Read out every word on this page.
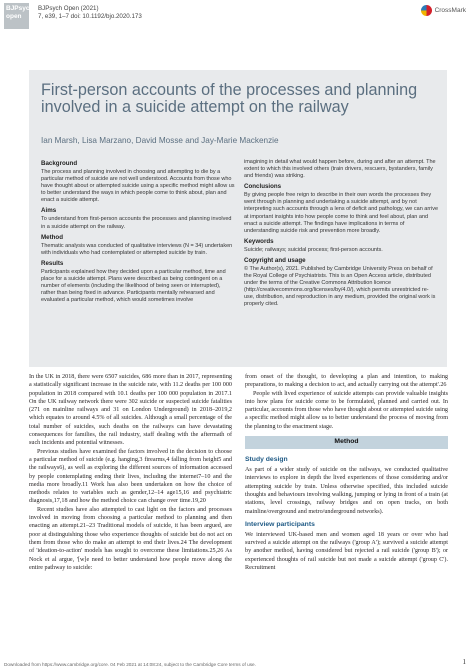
BJPsych
open
BJPsych Open (2021)
7, e39, 1–7 doi: 10.1192/bjo.2020.173
CrossMark
First-person accounts of the processes and planning involved in a suicide attempt on the railway
Ian Marsh, Lisa Marzano, David Mosse and Jay-Marie Mackenzie
Background

The process and planning involved in choosing and attempting to die by a particular method of suicide are not well understood. Accounts from those who have thought about or attempted suicide using a specific method might allow us to better understand the ways in which people come to think about, plan and enact a suicide attempt.

Aims

To understand from first-person accounts the processes and planning involved in a suicide attempt on the railway.

Method

Thematic analysis was conducted of qualitative interviews (N = 34) undertaken with individuals who had contemplated or attempted suicide by train.

Results

Participants explained how they decided upon a particular method, time and place for a suicide attempt. Plans were described as being contingent on a number of elements (including the likelihood of being seen or interrupted), rather than being fixed in advance. Participants mentally rehearsed and evaluated a particular method, which would sometimes involve

imagining in detail what would happen before, during and after an attempt. The extent to which this involved others (train drivers, rescuers, bystanders, family and friends) was striking.

Conclusions

By giving people free reign to describe in their own words the processes they went through in planning and undertaking a suicide attempt, and by not interpreting such accounts through a lens of deficit and pathology, we can arrive at important insights into how people come to think and feel about, plan and enact a suicide attempt. The findings have implications in terms of understanding suicide risk and prevention more broadly.

Keywords

Suicide; railways; suicidal process; first-person accounts.

Copyright and usage

© The Author(s), 2021. Published by Cambridge University Press on behalf of the Royal College of Psychiatrists. This is an Open Access article, distributed under the terms of the Creative Commons Attribution licence (http://creativecommons.org/licenses/by/4.0/), which permits unrestricted re-use, distribution, and reproduction in any medium, provided the original work is properly cited.

In the UK in 2018, there were 6507 suicides, 686 more than in 2017, representing a statistically significant increase in the suicide rate, with 11.2 deaths per 100 000 population in 2018 compared with 10.1 deaths per 100 000 population in 2017.1 On the UK railway network there were 302 suicide or suspected suicide fatalities (271 on mainline railways and 31 on London Underground) in 2018–2019,2 which equates to around 4.5% of all suicides. Although a small percentage of the total number of suicides, such deaths on the railways can have devastating consequences for families, the rail industry, staff dealing with the aftermath of such incidents and potential witnesses.

Previous studies have examined the factors involved in the decision to choose a particular method of suicide (e.g. hanging,3 firearms,4 falling from height5 and the railways6), as well as exploring the different sources of information accessed by people contemplating ending their lives, including the internet7–10 and the media more broadly.11 Work has also been undertaken on how the choice of methods relates to variables such as gender,12–14 age15,16 and psychiatric diagnosis,17,18 and how the method choice can change over time.19,20

Recent studies have also attempted to cast light on the factors and processes involved in moving from choosing a particular method to planning and then enacting an attempt.21–23 Traditional models of suicide, it has been argued, are poor at distinguishing those who experience thoughts of suicide but do not act on them from those who do make an attempt to end their lives.24 The development of 'ideation-to-action' models has sought to overcome these limitations.25,26 As Nock et al argue, '[w]e need to better understand how people move along the entire pathway to suicide:

from onset of the thought, to developing a plan and intention, to making preparations, to making a decision to act, and actually carrying out the attempt'.26

People with lived experience of suicide attempts can provide valuable insights into how plans for suicide come to be formulated, planned and carried out. In particular, accounts from those who have thought about or attempted suicide using a specific method might allow us to better understand the process of moving from the planning to the enactment stage.

Method
Study design

As part of a wider study of suicide on the railways, we conducted qualitative interviews to explore in depth the lived experiences of those considering and/or attempting suicide by train. Unless otherwise specified, this included suicide thoughts and behaviours involving walking, jumping or lying in front of a train (at stations, level crossings, railway bridges and on open tracks, on both mainline/overground and metro/underground networks).

Interview participants

We interviewed UK-based men and women aged 18 years or over who had survived a suicide attempt on the railways ('group A'); survived a suicide attempt by another method, having considered but rejected a rail suicide ('group B'); or experienced thoughts of rail suicide but not made a suicide attempt ('group C'). Recruitment

Downloaded from https://www.cambridge.org/core. 04 Feb 2021 at 14:08:24, subject to the Cambridge Core terms of use.	1
